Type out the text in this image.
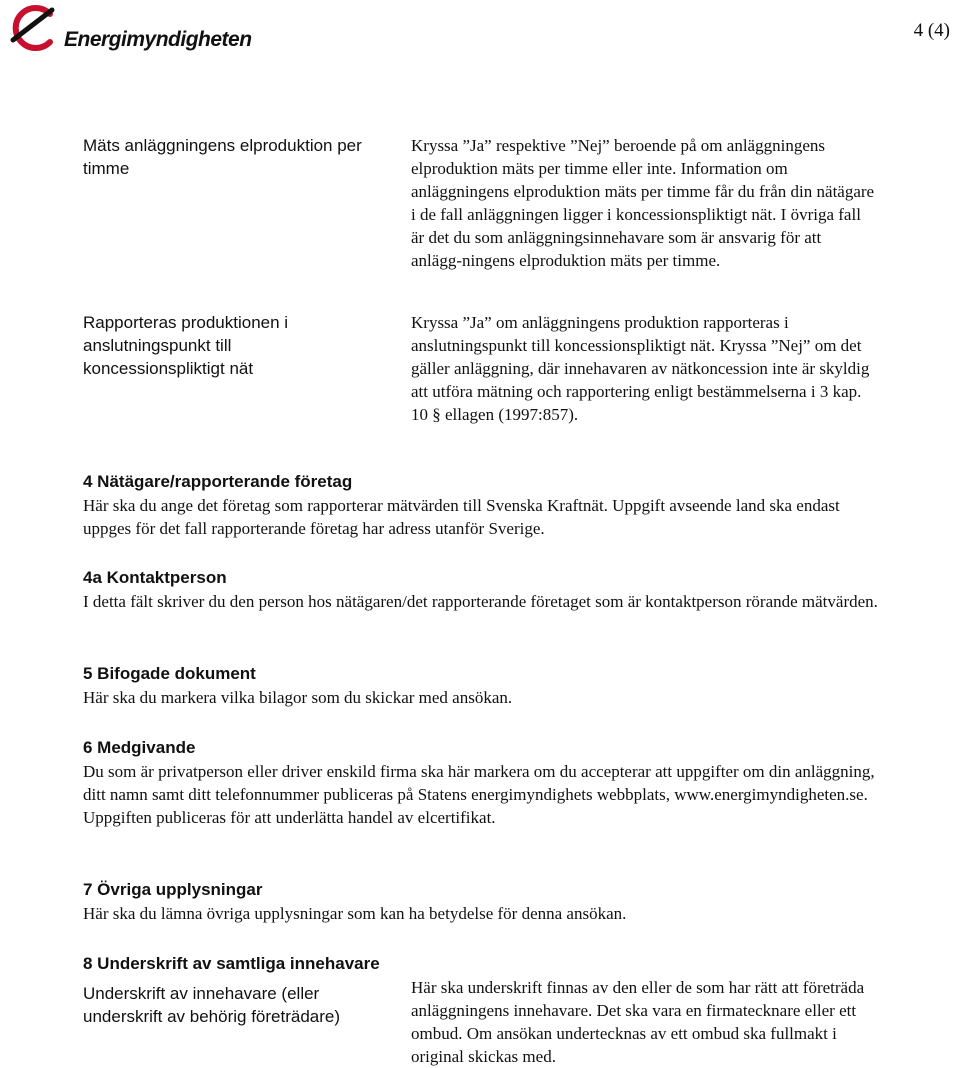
Energimyndigheten	4 (4)
Mäts anläggningens elproduktion per timme
Kryssa ”Ja” respektive ”Nej” beroende på om anläggningens elproduktion mäts per timme eller inte. Information om anläggningens elproduktion mäts per timme får du från din nätägare i de fall anläggningen ligger i koncessionspliktigt nät. I övriga fall är det du som anläggningsinnehavare som är ansvarig för att anlägg-ningens elproduktion mäts per timme.
Rapporteras produktionen i anslutningspunkt till koncessionspliktigt nät
Kryssa ”Ja” om anläggningens produktion rapporteras i anslutningspunkt till koncessionspliktigt nät. Kryssa ”Nej” om det gäller anläggning, där innehavaren av nätkoncession inte är skyldig att utföra mätning och rapportering enligt bestämmelserna i 3 kap. 10 § ellagen (1997:857).
4 Nätägare/rapporterande företag
Här ska du ange det företag som rapporterar mätvärden till Svenska Kraftnät. Uppgift avseende land ska endast uppges för det fall rapporterande företag har adress utanför Sverige.
4a Kontaktperson
I detta fält skriver du den person hos nätägaren/det rapporterande företaget som är kontaktperson rörande mätvärden.
5 Bifogade dokument
Här ska du markera vilka bilagor som du skickar med ansökan.
6 Medgivande
Du som är privatperson eller driver enskild firma ska här markera om du accepterar att uppgifter om din anläggning, ditt namn samt ditt telefonnummer publiceras på Statens energimyndighets webbplats, www.energimyndigheten.se. Uppgiften publiceras för att underlätta handel av elcertifikat.
7 Övriga upplysningar
Här ska du lämna övriga upplysningar som kan ha betydelse för denna ansökan.
8 Underskrift av samtliga innehavare
Underskrift av innehavare (eller underskrift av behörig företrädare)
Här ska underskrift finnas av den eller de som har rätt att företräda anläggningens innehavare. Det ska vara en firmatecknare eller ett ombud. Om ansökan undertecknas av ett ombud ska fullmakt i original skickas med.
